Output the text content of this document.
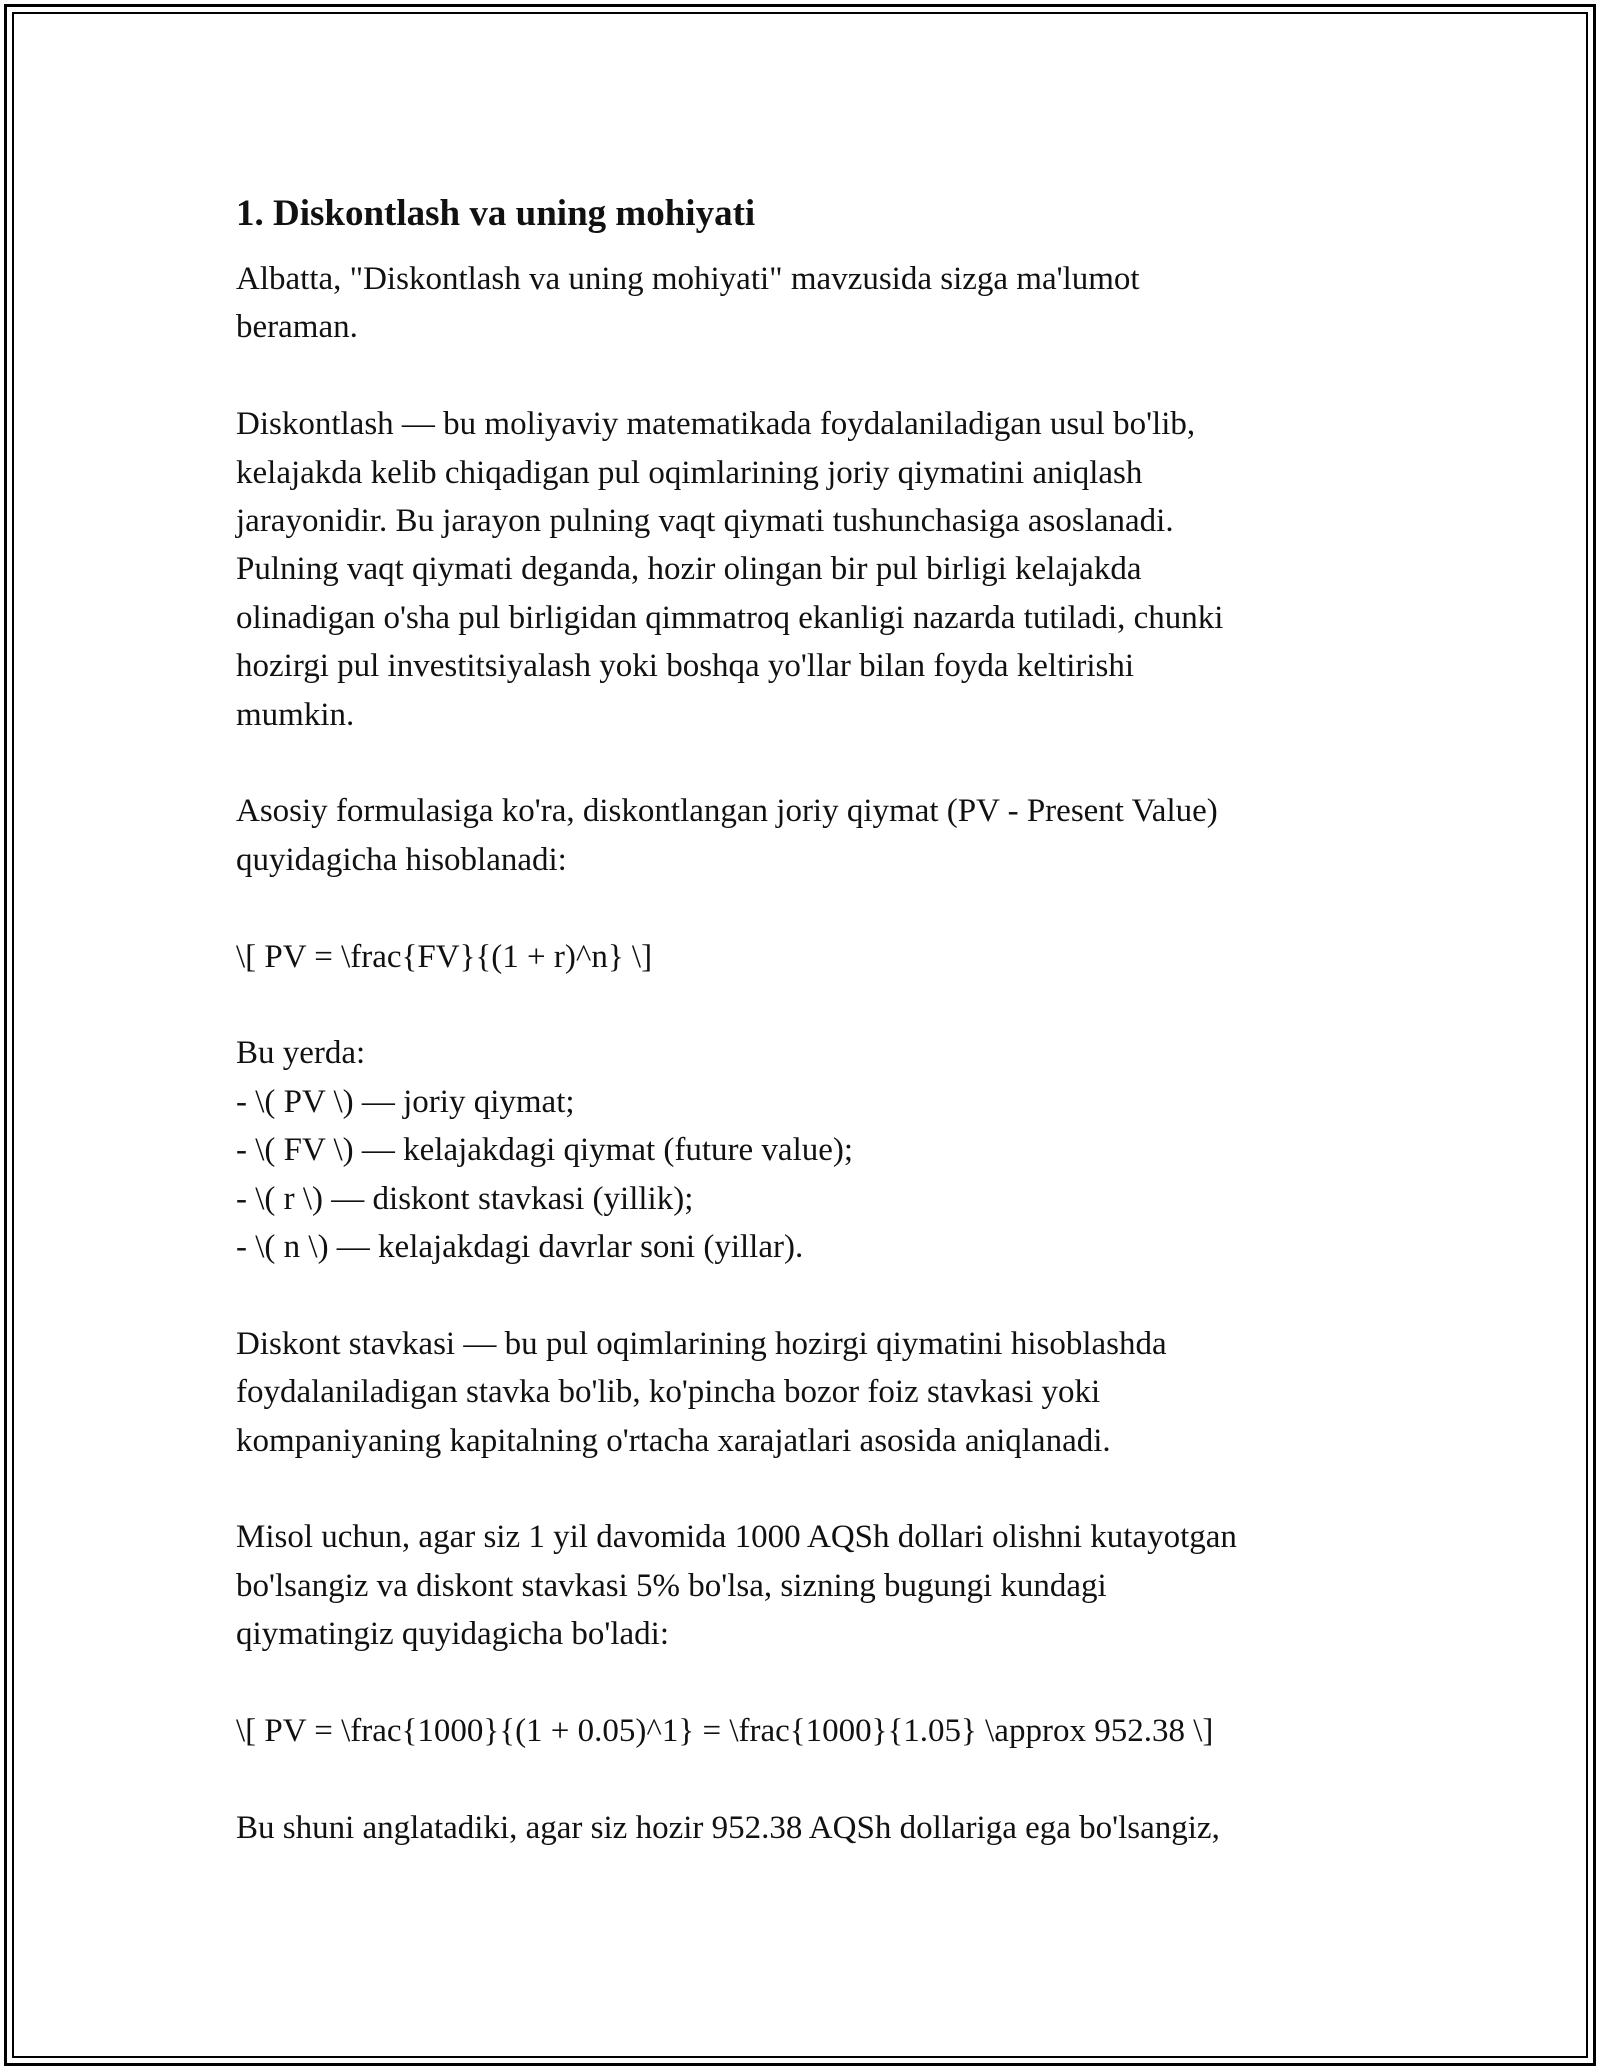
1. Diskontlash va uning mohiyati
Albatta, "Diskontlash va uning mohiyati" mavzusida sizga ma'lumot
beraman.
Diskontlash — bu moliyaviy matematikada foydalaniladigan usul bo'lib,
kelajakda kelib chiqadigan pul oqimlarining joriy qiymatini aniqlash
jarayonidir. Bu jarayon pulning vaqt qiymati tushunchasiga asoslanadi.
Pulning vaqt qiymati deganda, hozir olingan bir pul birligi kelajakda
olinadigan o'sha pul birligidan qimmatroq ekanligi nazarda tutiladi, chunki
hozirgi pul investitsiyalash yoki boshqa yo'llar bilan foyda keltirishi
mumkin.
Asosiy formulasiga ko'ra, diskontlangan joriy qiymat (PV - Present Value)
quyidagicha hisoblanadi:
\[ PV = \frac{FV}{(1 + r)^n} \]
Bu yerda:
- \( PV \) — joriy qiymat;
- \( FV \) — kelajakdagi qiymat (future value);
- \( r \) — diskont stavkasi (yillik);
- \( n \) — kelajakdagi davrlar soni (yillar).
Diskont stavkasi — bu pul oqimlarining hozirgi qiymatini hisoblashda
foydalaniladigan stavka bo'lib, ko'pincha bozor foiz stavkasi yoki
kompaniyaning kapitalning o'rtacha xarajatlari asosida aniqlanadi.
Misol uchun, agar siz 1 yil davomida 1000 AQSh dollari olishni kutayotgan
bo'lsangiz va diskont stavkasi 5% bo'lsa, sizning bugungi kundagi
qiymatingiz quyidagicha bo'ladi:
\[ PV = \frac{1000}{(1 + 0.05)^1} = \frac{1000}{1.05} \approx 952.38 \]
Bu shuni anglatadiki, agar siz hozir 952.38 AQSh dollariga ega bo'lsangiz,
